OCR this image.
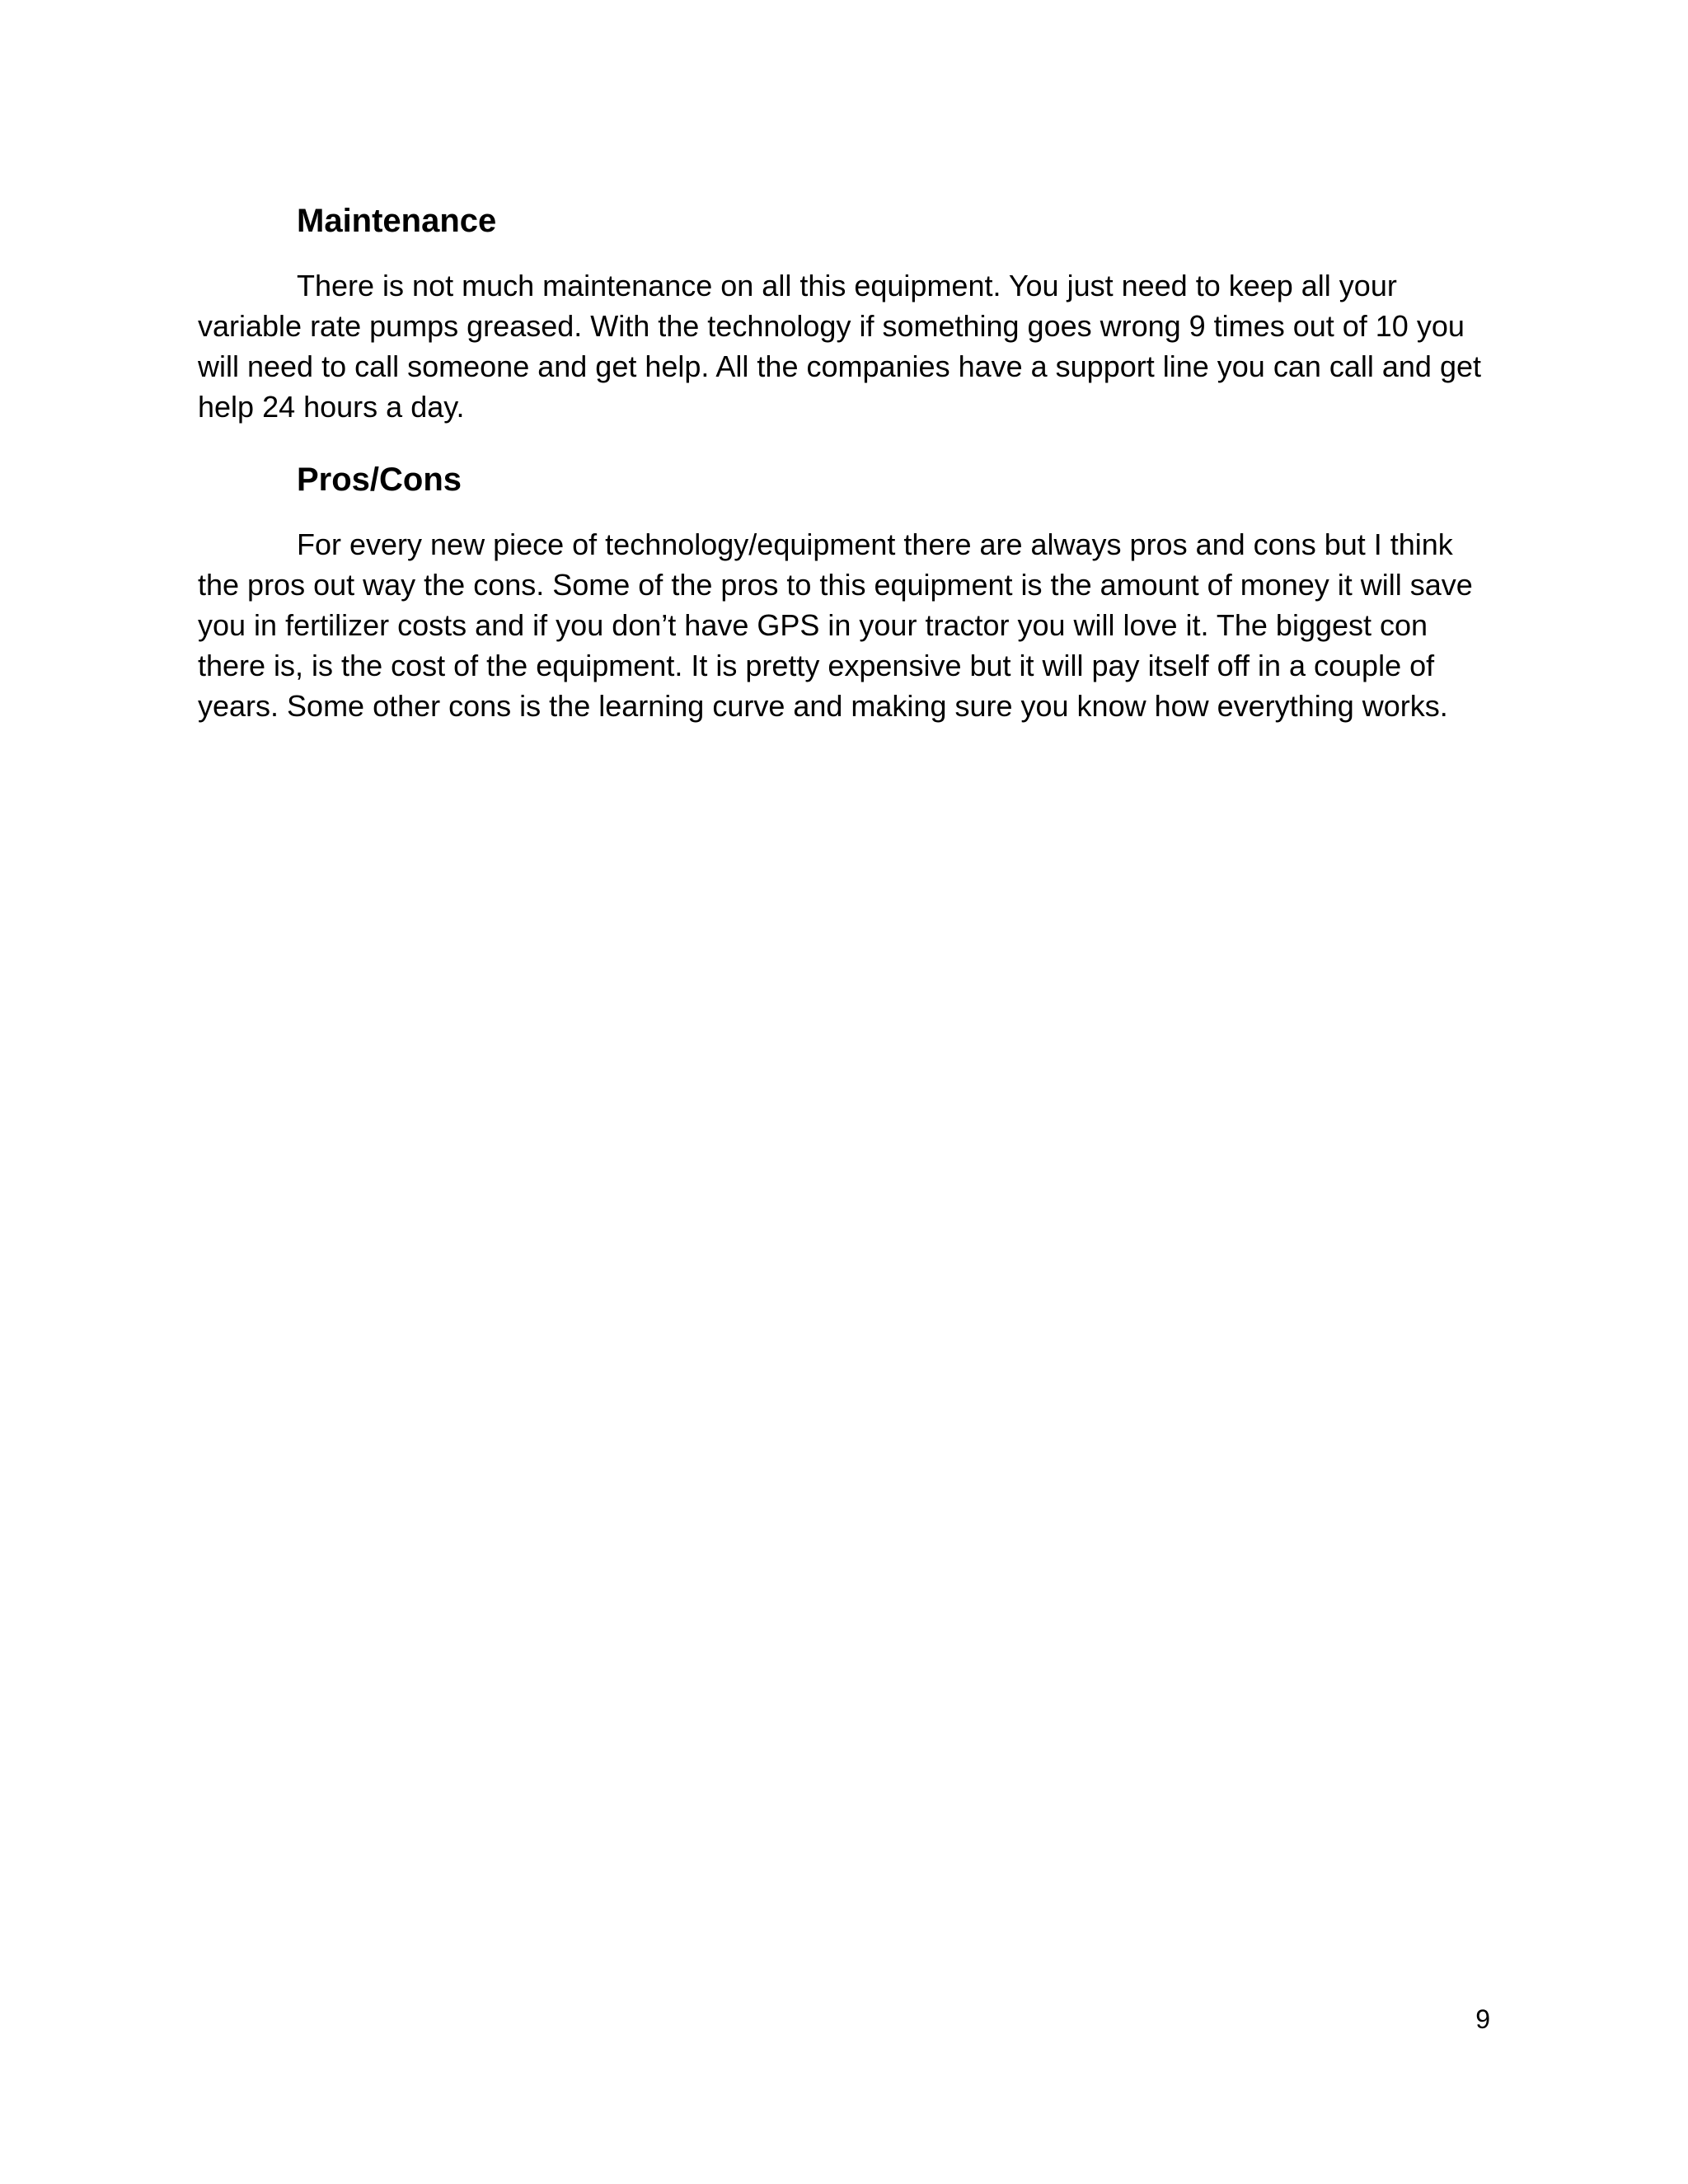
Maintenance

There is not much maintenance on all this equipment. You just need to keep all your variable rate pumps greased. With the technology if something goes wrong 9 times out of 10 you will need to call someone and get help. All the companies have a support line you can call and get help 24 hours a day.

Pros/Cons

For every new piece of technology/equipment there are always pros and cons but I think the pros out way the cons. Some of the pros to this equipment is the amount of money it will save you in fertilizer costs and if you don’t have GPS in your tractor you will love it. The biggest con there is, is the cost of the equipment. It is pretty expensive but it will pay itself off in a couple of years. Some other cons is the learning curve and making sure you know how everything works.

9
